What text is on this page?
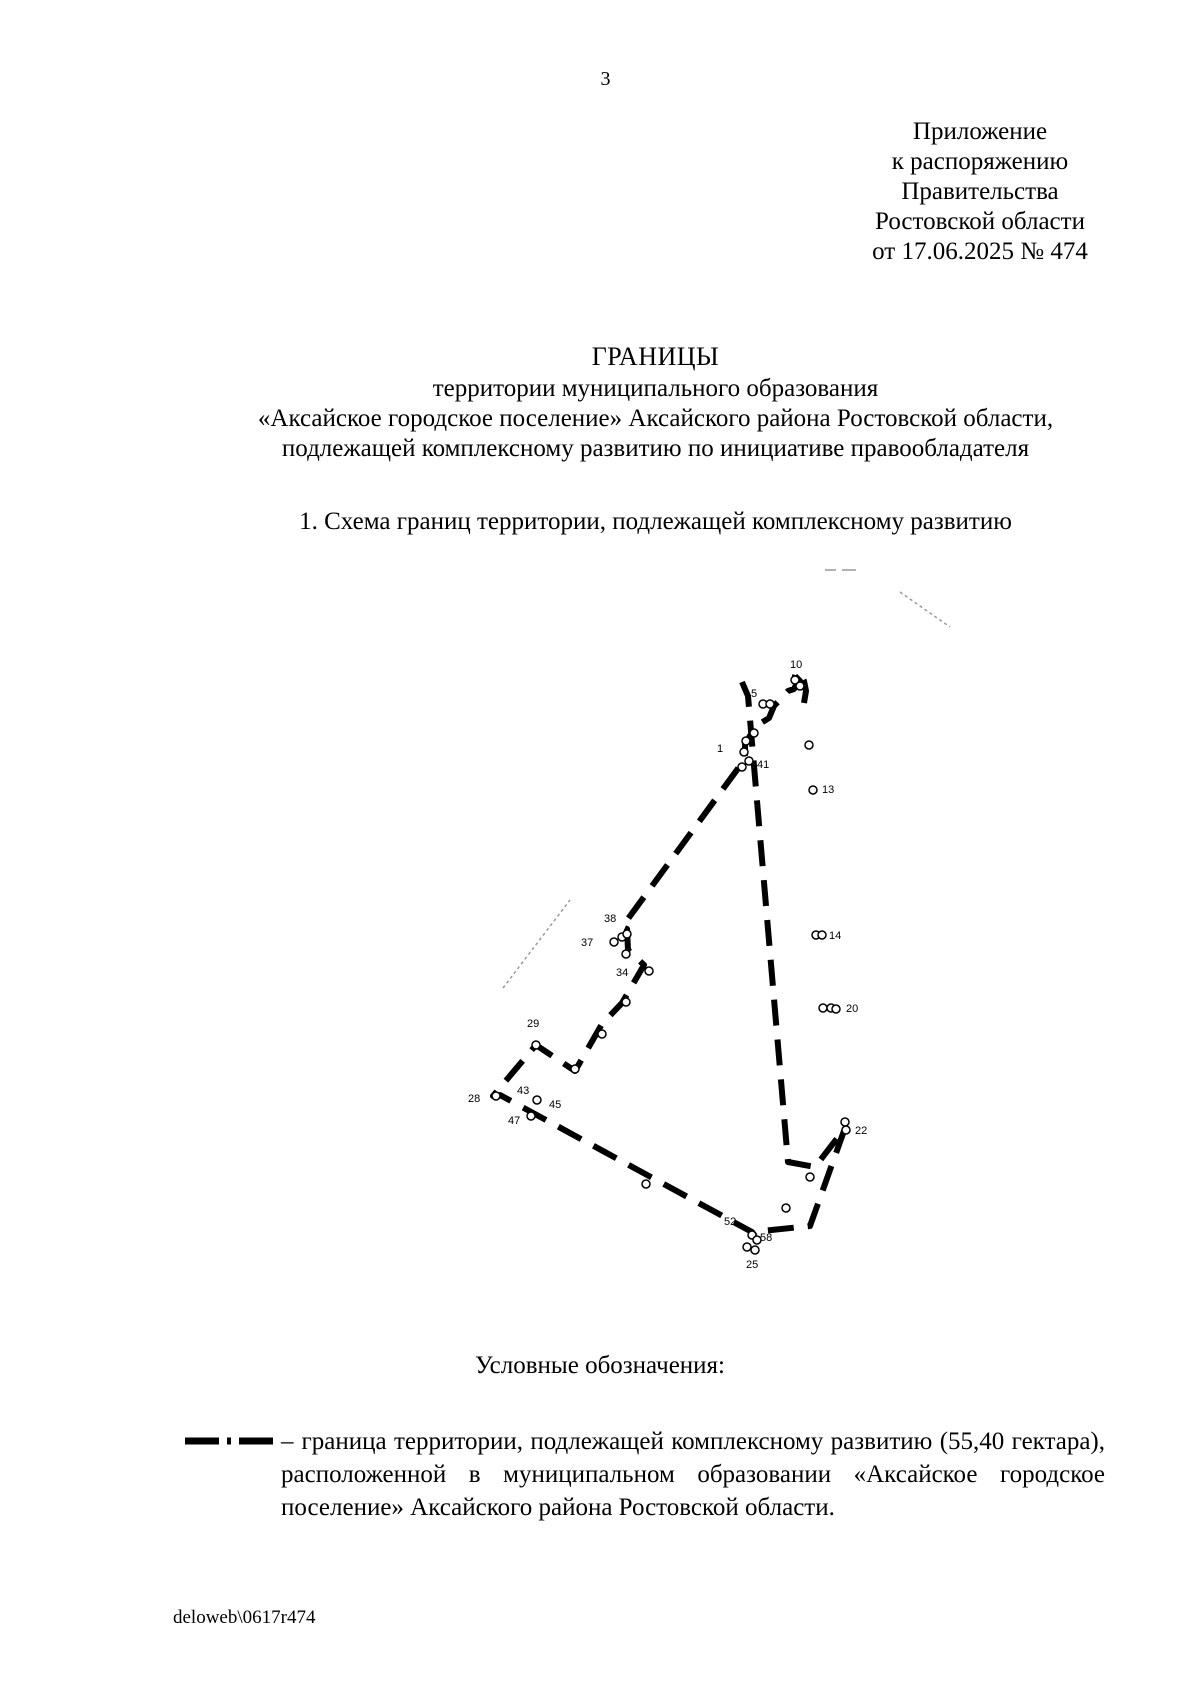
3
Приложение
к распоряжению
Правительства
Ростовской области
от 17.06.2025 № 474
ГРАНИЦЫ
территории муниципального образования
«Аксайское городское поселение» Аксайского района Ростовской области,
подлежащей комплексному развитию по инициативе правообладателя
1. Схема границ территории, подлежащей комплексному развитию
1
5
10
13
14
20
22
25
28
29
34
37
38
41
43
45
47
52
58
Условные обозначения:
– граница территории, подлежащей комплексному развитию (55,40 гектара), расположенной в муниципальном образовании «Аксайское городское поселение» Аксайского района Ростовской области.
deloweb\0617r474
